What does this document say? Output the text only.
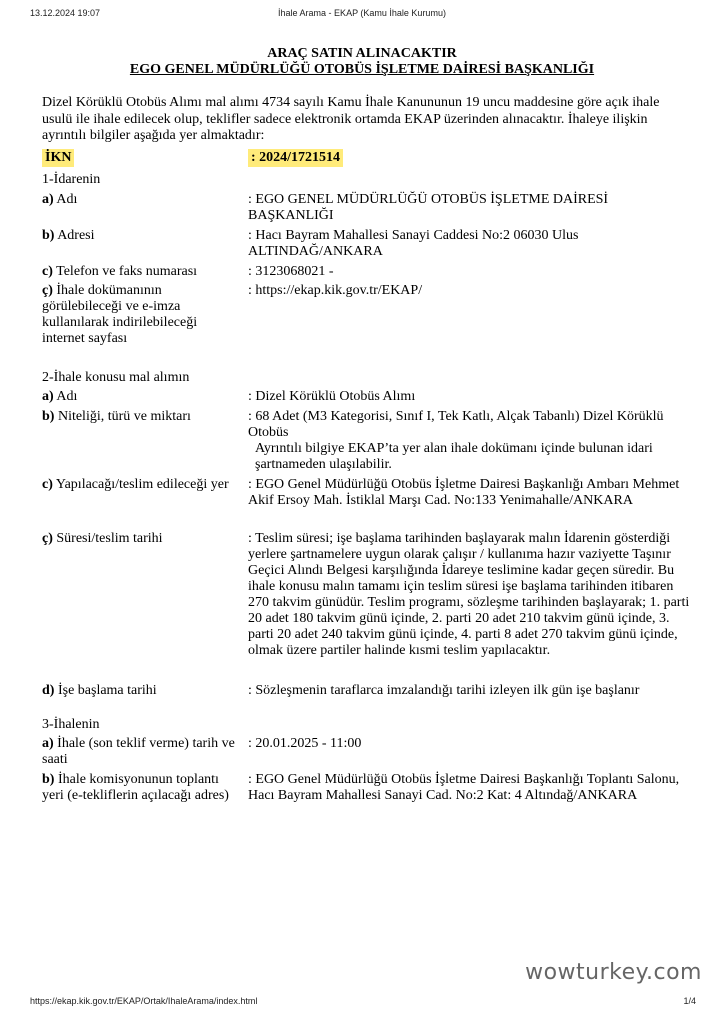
13.12.2024 19:07	İhale Arama - EKAP (Kamu İhale Kurumu)
ARAÇ SATIN ALINACAKTIR
EGO GENEL MÜDÜRLÜĞÜ OTOBÜS İŞLETME DAİRESİ BAŞKANLIĞI
Dizel Körüklü Otobüs Alımı mal alımı 4734 sayılı Kamu İhale Kanununun 19 uncu maddesine göre açık ihale usulü ile ihale edilecek olup, teklifler sadece elektronik ortamda EKAP üzerinden alınacaktır. İhaleye ilişkin ayrıntılı bilgiler aşağıda yer almaktadır:
İKN	: 2024/1721514
1-İdarenin
a) Adı	: EGO GENEL MÜDÜRLÜĞÜ OTOBÜS İŞLETME DAİRESİ BAŞKANLIĞI
b) Adresi	: Hacı Bayram Mahallesi Sanayi Caddesi No:2 06030 Ulus ALTINDAĞ/ANKARA
c) Telefon ve faks numarası	: 3123068021 -
ç) İhale dokümanının görülebileceği ve e-imza kullanılarak indirilebileceği internet sayfası
: https://ekap.kik.gov.tr/EKAP/
2-İhale konusu mal alımın
a) Adı	: Dizel Körüklü Otobüs Alımı
b) Niteliği, türü ve miktarı	: 68 Adet (M3 Kategorisi, Sınıf I, Tek Katlı, Alçak Tabanlı) Dizel Körüklü Otobüs
Ayrıntılı bilgiye EKAP’ta yer alan ihale dokümanı içinde bulunan idari şartnameden ulaşılabilir.
c) Yapılacağı/teslim edileceği yer	: EGO Genel Müdürlüğü Otobüs İşletme Dairesi Başkanlığı Ambarı Mehmet Akif Ersoy Mah. İstiklal Marşı Cad. No:133 Yenimahalle/ANKARA
ç) Süresi/teslim tarihi	: Teslim süresi; işe başlama tarihinden başlayarak malın İdarenin gösterdiği yerlere şartnamelere uygun olarak çalışır / kullanıma hazır vaziyette Taşınır Geçici Alındı Belgesi karşılığında İdareye teslimine kadar geçen süredir. Bu ihale konusu malın tamamı için teslim süresi işe başlama tarihinden itibaren 270 takvim günüdür. Teslim programı, sözleşme tarihinden başlayarak; 1. parti 20 adet 180 takvim günü içinde, 2. parti 20 adet 210 takvim günü içinde, 3. parti 20 adet 240 takvim günü içinde, 4. parti 8 adet 270 takvim günü içinde, olmak üzere partiler halinde kısmi teslim yapılacaktır.
d) İşe başlama tarihi	: Sözleşmenin taraflarca imzalandığı tarihi izleyen ilk gün işe başlanır
3-İhalenin
a) İhale (son teklif verme) tarih ve saati
: 20.01.2025 - 11:00
b) İhale komisyonunun toplantı yeri (e-tekliflerin açılacağı adres)
: EGO Genel Müdürlüğü Otobüs İşletme Dairesi Başkanlığı Toplantı Salonu, Hacı Bayram Mahallesi Sanayi Cad. No:2 Kat: 4 Altındağ/ANKARA
wowturkey.com
https://ekap.kik.gov.tr/EKAP/Ortak/IhaleArama/index.html	1/4
